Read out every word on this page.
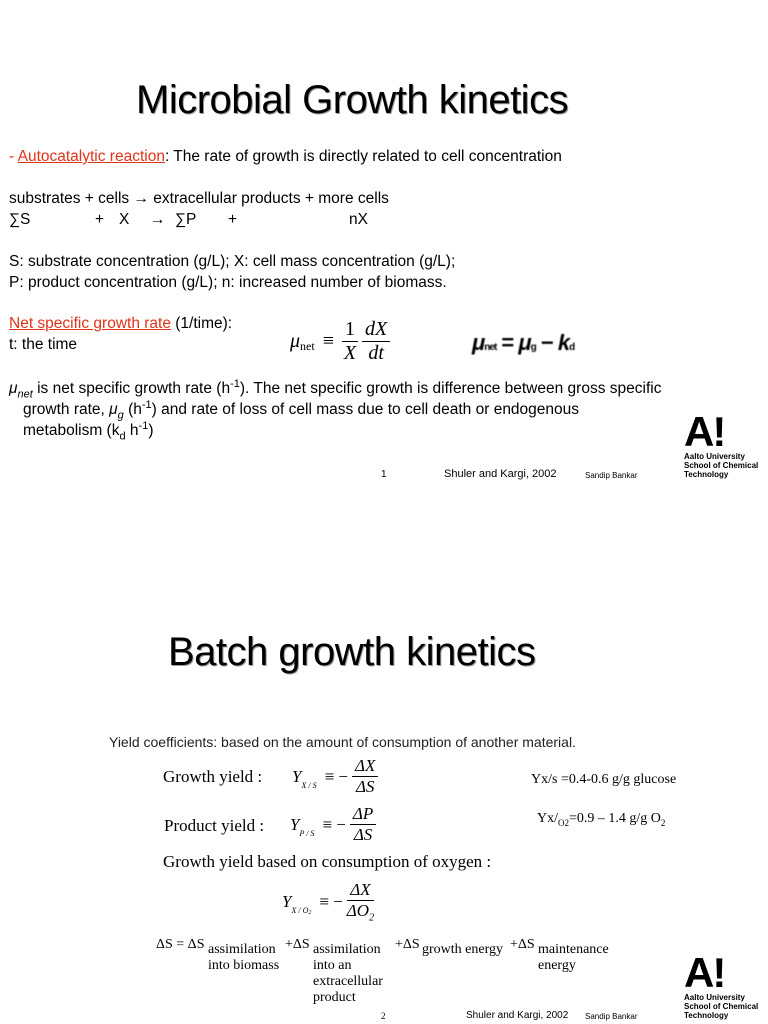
Microbial Growth kinetics
- Autocatalytic reaction: The rate of growth is directly related to cell concentration
substrates + cells → extracellular products + more cells
∑S	+ X → ∑P +	nX
S: substrate concentration (g/L); X: cell mass concentration (g/L);
P: product concentration (g/L); n: increased number of biomass.
Net specific growth rate (1/time):
t: the time	μ net ≡ $\frac{1}{X} \frac{dX}{dt}$	μnet = μg − kd
$\mu_{net}$ is net specific growth rate $(h^{-1})$. The net specific growth is difference between gross specific
growth rate, $\mu_g$ $(h^{-1})$ and rate of loss of cell mass due to cell death or endogenous
metabolism ($k_d$ $h^{-1}$)
1	Shuler and Kargi, 2002	Sandip Bankar
A!
Aalto University
School of Chemical
Technology
Batch growth kinetics
Yield coefficients: based on the amount of consumption of another material.
Growth yield : Y X / S ≡ − $\frac{\Delta X}{\Delta S}$	Yx/s =0.4-0.6 g/g glucose
Product yield : Y P / S ≡ − $\frac{\Delta P}{\Delta S}$	$Yx/_{O2}=0.9 - 1.4$ g/g $O_2$
Growth yield based on consumption of oxygen :
Y X / O 2
≡ − $\frac{\Delta X}{\Delta O_2}$
ΔS = ΔS assimilation
into biomass
+ΔS assimilation
into an
extracellular
product
+ΔS growth energy +ΔS maintenance
energy
2	Shuler and Kargi, 2002 Sandip Bankar
A!
Aalto University
School of Chemical
Technology
